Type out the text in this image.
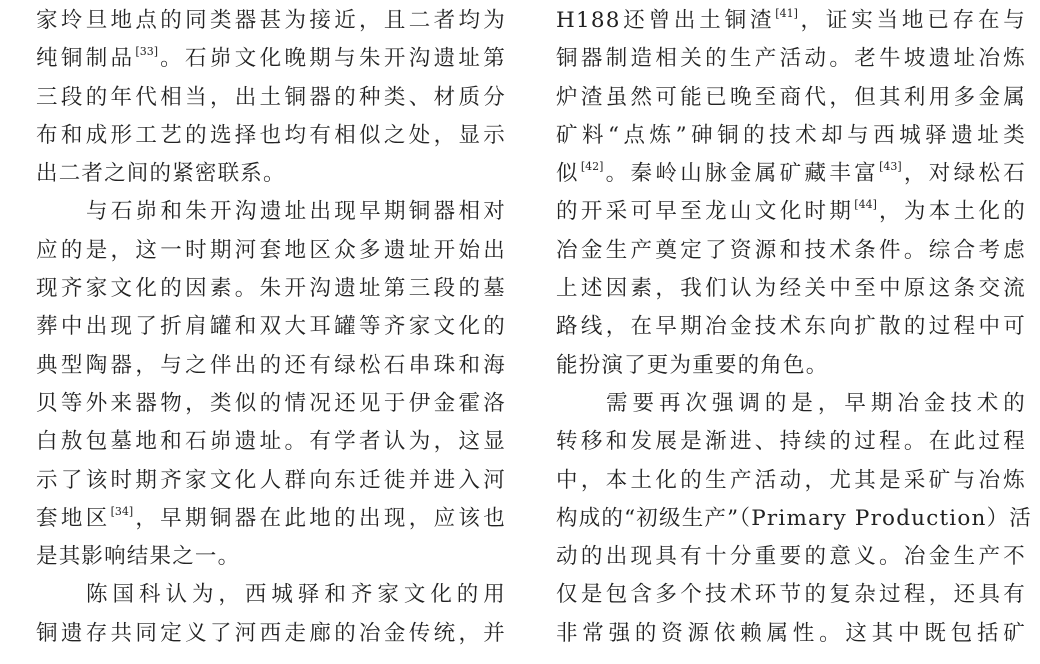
家坽旦地点的同类器甚为接近，且二者均为
纯铜制品[33]。石峁文化晚期与朱开沟遗址第
三段的年代相当，出土铜器的种类、材质分
布和成形工艺的选择也均有相似之处，显示
出二者之间的紧密联系。
与石峁和朱开沟遗址出现早期铜器相对
应的是，这一时期河套地区众多遗址开始出
现齐家文化的因素。朱开沟遗址第三段的墓
葬中出现了折肩罐和双大耳罐等齐家文化的
典型陶器，与之伴出的还有绿松石串珠和海
贝等外来器物，类似的情况还见于伊金霍洛
白敖包墓地和石峁遗址。有学者认为，这显
示了该时期齐家文化人群向东迁徙并进入河
套地区[34]，早期铜器在此地的出现，应该也
是其影响结果之一。
陈国科认为，西城驿和齐家文化的用
铜遗存共同定义了河西走廊的冶金传统，并
H188还曾出土铜渣[41]，证实当地已存在与
铜器制造相关的生产活动。老牛坡遗址冶炼
炉渣虽然可能已晚至商代，但其利用多金属
矿料“点炼”砷铜的技术却与西城驿遗址类
似[42]。秦岭山脉金属矿藏丰富[43]，对绿松石
的开采可早至龙山文化时期[44]，为本土化的
冶金生产奠定了资源和技术条件。综合考虑
上述因素，我们认为经关中至中原这条交流
路线，在早期冶金技术东向扩散的过程中可
能扮演了更为重要的角色。
需要再次强调的是，早期冶金技术的
转移和发展是渐进、持续的过程。在此过程
中，本土化的生产活动，尤其是采矿与冶炼
构成的“初级生产”（Primary Production）活
动的出现具有十分重要的意义。冶金生产不
仅是包含多个技术环节的复杂过程，还具有
非常强的资源依赖属性。这其中既包括矿
